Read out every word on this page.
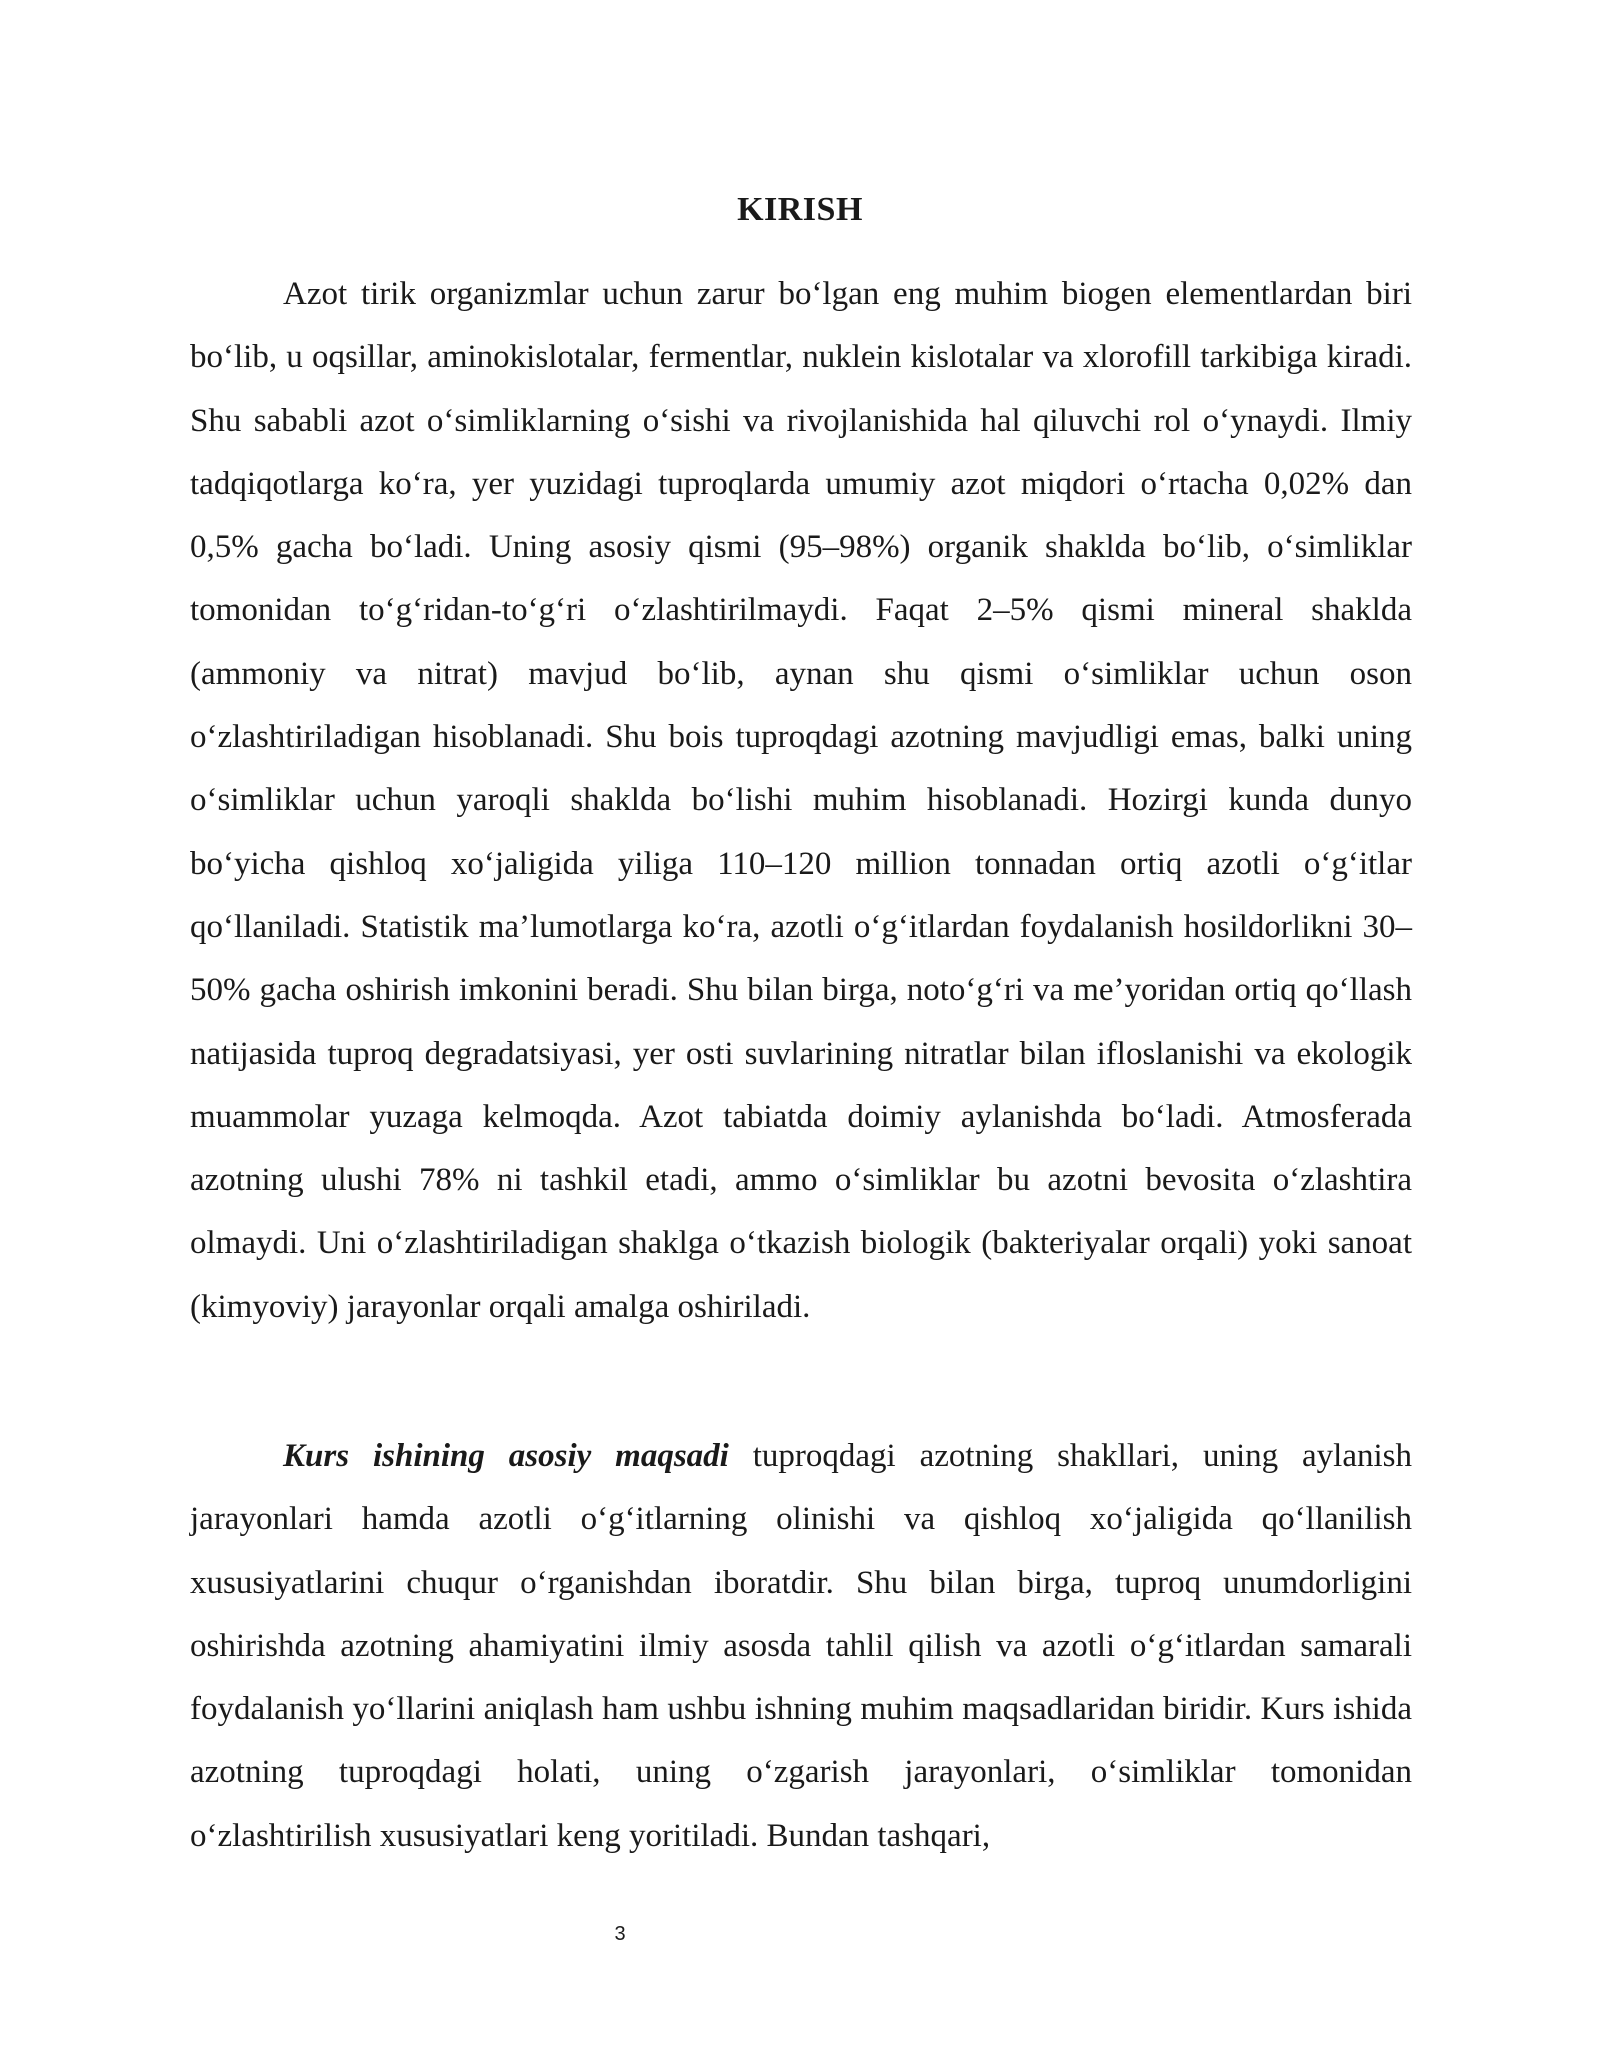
KIRISH

Azot tirik organizmlar uchun zarur bo‘lgan eng muhim biogen elementlardan biri bo‘lib, u oqsillar, aminokislotalar, fermentlar, nuklein kislotalar va xlorofill tarkibiga kiradi. Shu sababli azot o‘simliklarning o‘sishi va rivojlanishida hal qiluvchi rol o‘ynaydi. Ilmiy tadqiqotlarga ko‘ra, yer yuzidagi tuproqlarda umumiy azot miqdori o‘rtacha 0,02% dan 0,5% gacha bo‘ladi. Uning asosiy qismi (95–98%) organik shaklda bo‘lib, o‘simliklar tomonidan to‘g‘ridan-to‘g‘ri o‘zlashtirilmaydi. Faqat 2–5% qismi mineral shaklda (ammoniy va nitrat) mavjud bo‘lib, aynan shu qismi o‘simliklar uchun oson o‘zlashtiriladigan hisoblanadi. Shu bois tuproqdagi azotning mavjudligi emas, balki uning o‘simliklar uchun yaroqli shaklda bo‘lishi muhim hisoblanadi. Hozirgi kunda dunyo bo‘yicha qishloq xo‘jaligida yiliga 110–120 million tonnadan ortiq azotli o‘g‘itlar qo‘llaniladi. Statistik ma’lumotlarga ko‘ra, azotli o‘g‘itlardan foydalanish hosildorlikni 30–50% gacha oshirish imkonini beradi. Shu bilan birga, noto‘g‘ri va me’yoridan ortiq qo‘llash natijasida tuproq degradatsiyasi, yer osti suvlarining nitratlar bilan ifloslanishi va ekologik muammolar yuzaga kelmoqda. Azot tabiatda doimiy aylanishda bo‘ladi. Atmosferada azotning ulushi 78% ni tashkil etadi, ammo o‘simliklar bu azotni bevosita o‘zlashtira olmaydi. Uni o‘zlashtiriladigan shaklga o‘tkazish biologik (bakteriyalar orqali) yoki sanoat (kimyoviy) jarayonlar orqali amalga oshiriladi.

Kurs ishining asosiy maqsadi tuproqdagi azotning shakllari, uning aylanish jarayonlari hamda azotli o‘g‘itlarning olinishi va qishloq xo‘jaligida qo‘llanilish xususiyatlarini chuqur o‘rganishdan iboratdir. Shu bilan birga, tuproq unumdorligini oshirishda azotning ahamiyatini ilmiy asosda tahlil qilish va azotli o‘g‘itlardan samarali foydalanish yo‘llarini aniqlash ham ushbu ishning muhim maqsadlaridan biridir. Kurs ishida azotning tuproqdagi holati, uning o‘zgarish jarayonlari, o‘simliklar tomonidan o‘zlashtirilish xususiyatlari keng yoritiladi. Bundan tashqari,

3
